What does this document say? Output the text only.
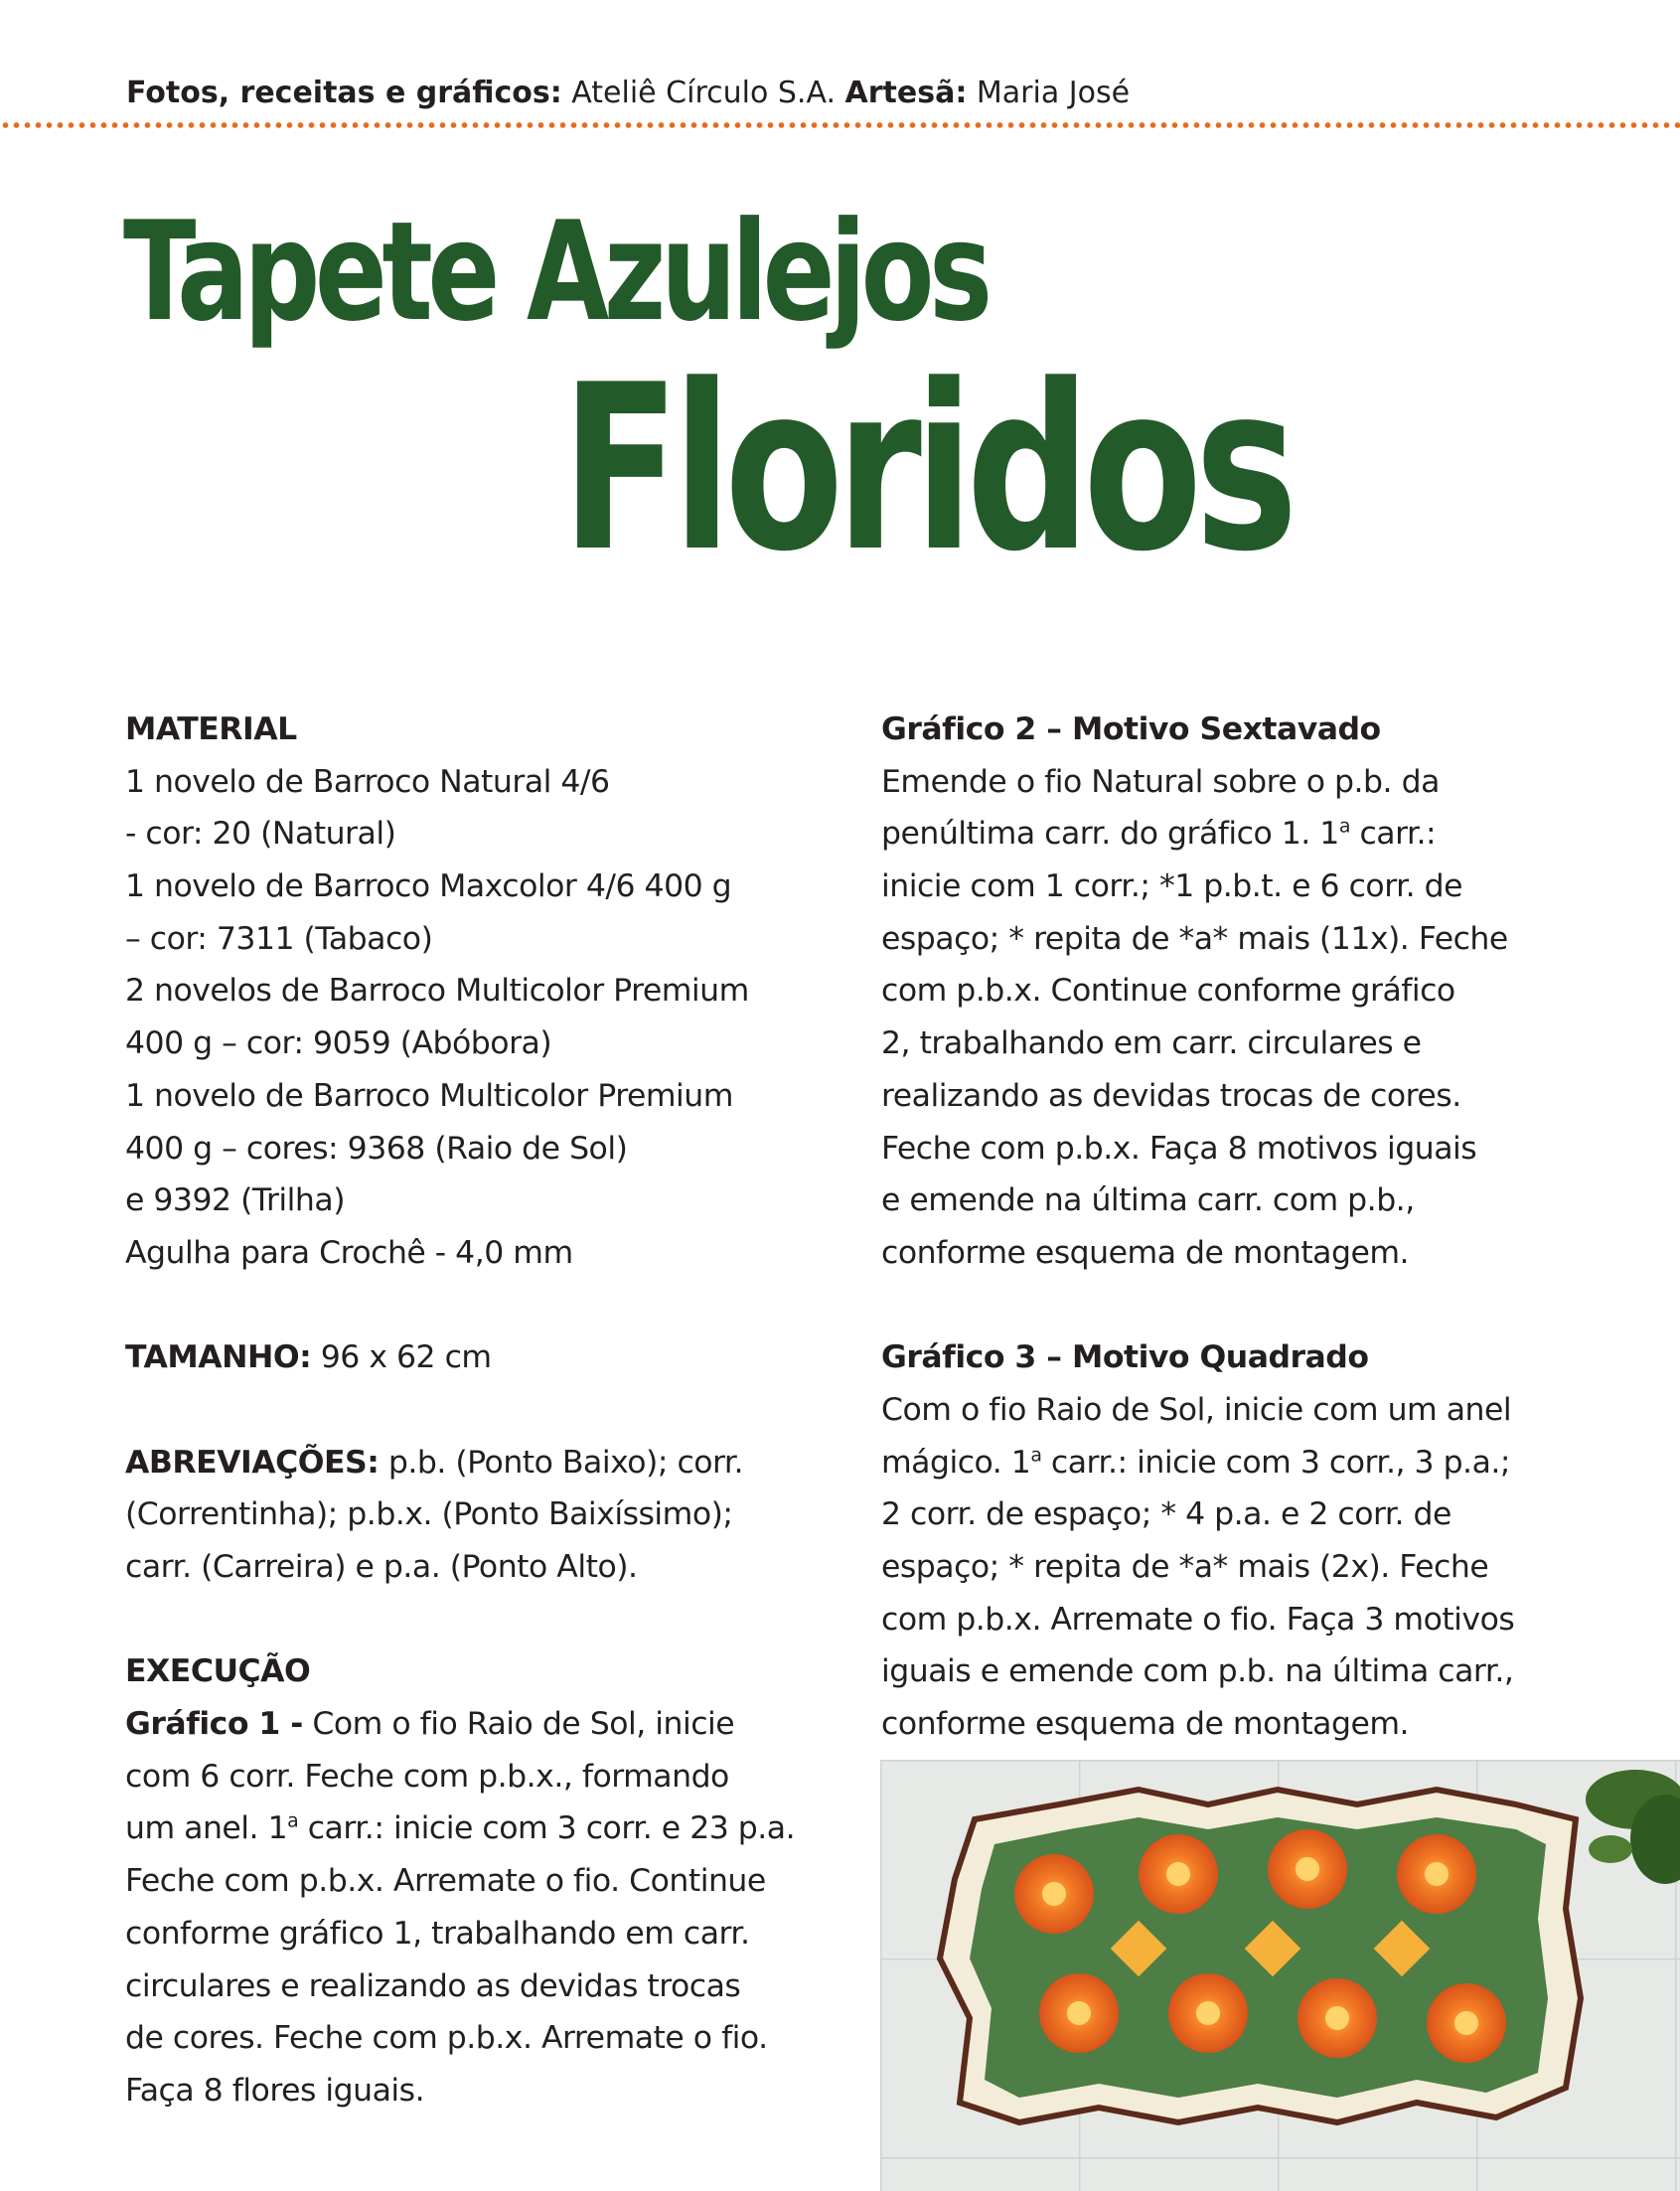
Fotos, receitas e gráficos: Ateliê Círculo S.A. Artesã: Maria José
Tapete Azulejos
Floridos
MATERIAL
1 novelo de Barroco Natural 4/6
- cor: 20 (Natural)
1 novelo de Barroco Maxcolor 4/6 400 g
– cor: 7311 (Tabaco)
2 novelos de Barroco Multicolor Premium
400 g – cor: 9059 (Abóbora)
1 novelo de Barroco Multicolor Premium
400 g – cores: 9368 (Raio de Sol)
e 9392 (Trilha)
Agulha para Crochê - 4,0 mm
TAMANHO: 96 x 62 cm
ABREVIAÇÕES: p.b. (Ponto Baixo); corr.
(Correntinha); p.b.x. (Ponto Baixíssimo);
carr. (Carreira) e p.a. (Ponto Alto).
EXECUÇÃO
Gráfico 1 - Com o fio Raio de Sol, inicie
com 6 corr. Feche com p.b.x., formando
um anel. 1$^a$ carr.: inicie com 3 corr. e 23 p.a.
Feche com p.b.x. Arremate o fio. Continue
conforme gráfico 1, trabalhando em carr.
circulares e realizando as devidas trocas
de cores. Feche com p.b.x. Arremate o fio.
Faça 8 flores iguais.
Gráfico 2 – Motivo Sextavado
Emende o fio Natural sobre o p.b. da
penúltima carr. do gráfico 1. 1$^a$ carr.:
inicie com 1 corr.; *1 p.b.t. e 6 corr. de
espaço; * repita de *a* mais (11x). Feche
com p.b.x. Continue conforme gráfico
2, trabalhando em carr. circulares e
realizando as devidas trocas de cores.
Feche com p.b.x. Faça 8 motivos iguais
e emende na última carr. com p.b.,
conforme esquema de montagem.
Gráfico 3 – Motivo Quadrado
Com o fio Raio de Sol, inicie com um anel
mágico. 1$^a$ carr.: inicie com 3 corr., 3 p.a.;
2 corr. de espaço; * 4 p.a. e 2 corr. de
espaço; * repita de *a* mais (2x). Feche
com p.b.x. Arremate o fio. Faça 3 motivos
iguais e emende com p.b. na última carr.,
conforme esquema de montagem.
